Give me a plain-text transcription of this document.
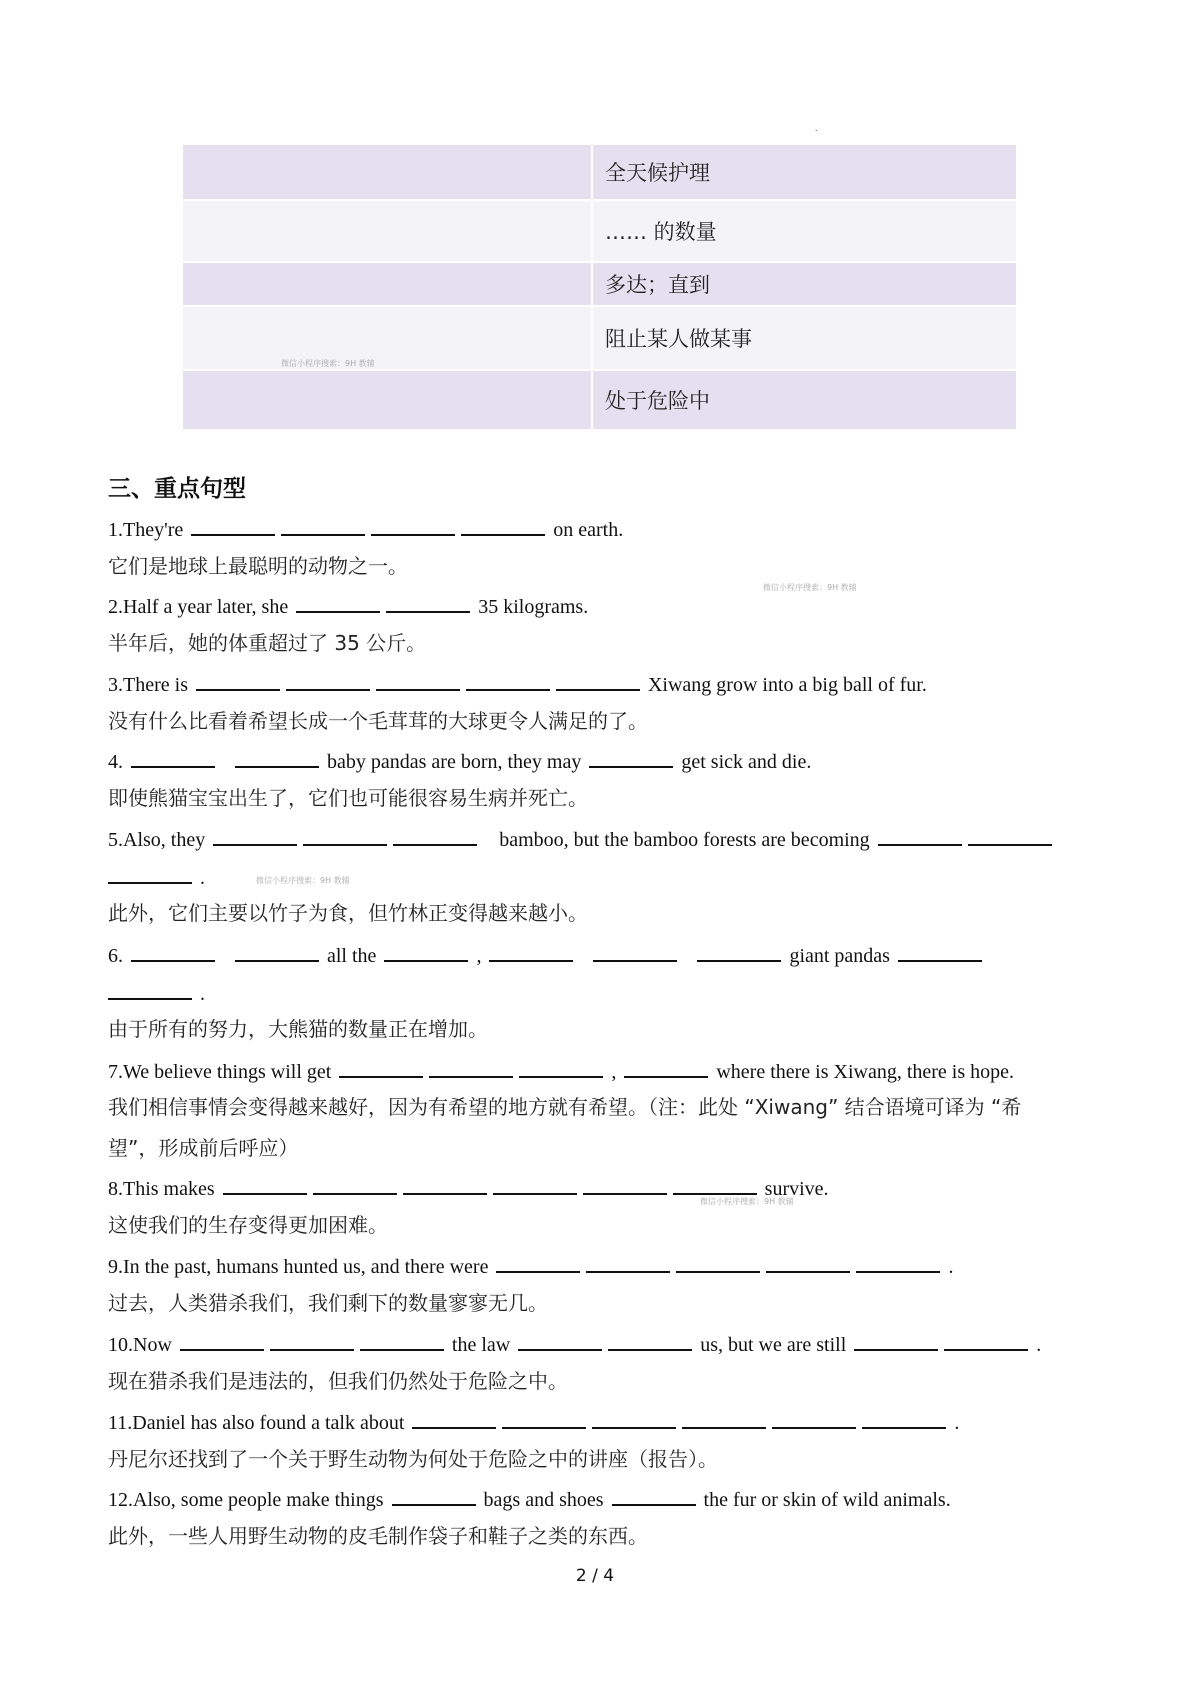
.
	全天候护理
	…… 的数量
	多达；直到
	阻止某人做某事
	处于危险中
微信小程序搜索：9H 教辅
微信小程序搜索：9H 教辅
微信小程序搜索：9H 教辅
微信小程序搜索：9H 教辅
三、重点句型
1.They're	on earth.
它们是地球上最聪明的动物之一。
2.Half a year later, she	35 kilograms.
半年后，她的体重超过了 35 公斤。
3.There is	Xiwang grow into a big ball of fur.
没有什么比看着希望长成一个毛茸茸的大球更令人满足的了。
4.	baby pandas are born, they may	get sick and die.
即使熊猫宝宝出生了，它们也可能很容易生病并死亡。
5.Also, they	bamboo, but the bamboo forests are becoming
.
此外，它们主要以竹子为食，但竹林正变得越来越小。
6.	all the	,	giant pandas
.
由于所有的努力，大熊猫的数量正在增加。
7.We believe things will get	,	where there is Xiwang, there is hope.
我们相信事情会变得越来越好，因为有希望的地方就有希望。（注：此处 “Xiwang” 结合语境可译为 “希
望”，形成前后呼应）
8.This makes	survive.
这使我们的生存变得更加困难。
9.In the past, humans hunted us, and there were	.
过去，人类猎杀我们，我们剩下的数量寥寥无几。
10.Now	the law	us, but we are still	.
现在猎杀我们是违法的，但我们仍然处于危险之中。
11.Daniel has also found a talk about	.
丹尼尔还找到了一个关于野生动物为何处于危险之中的讲座（报告）。
12.Also, some people make things	bags and shoes	the fur or skin of wild animals.
此外，一些人用野生动物的皮毛制作袋子和鞋子之类的东西。
2 / 4
